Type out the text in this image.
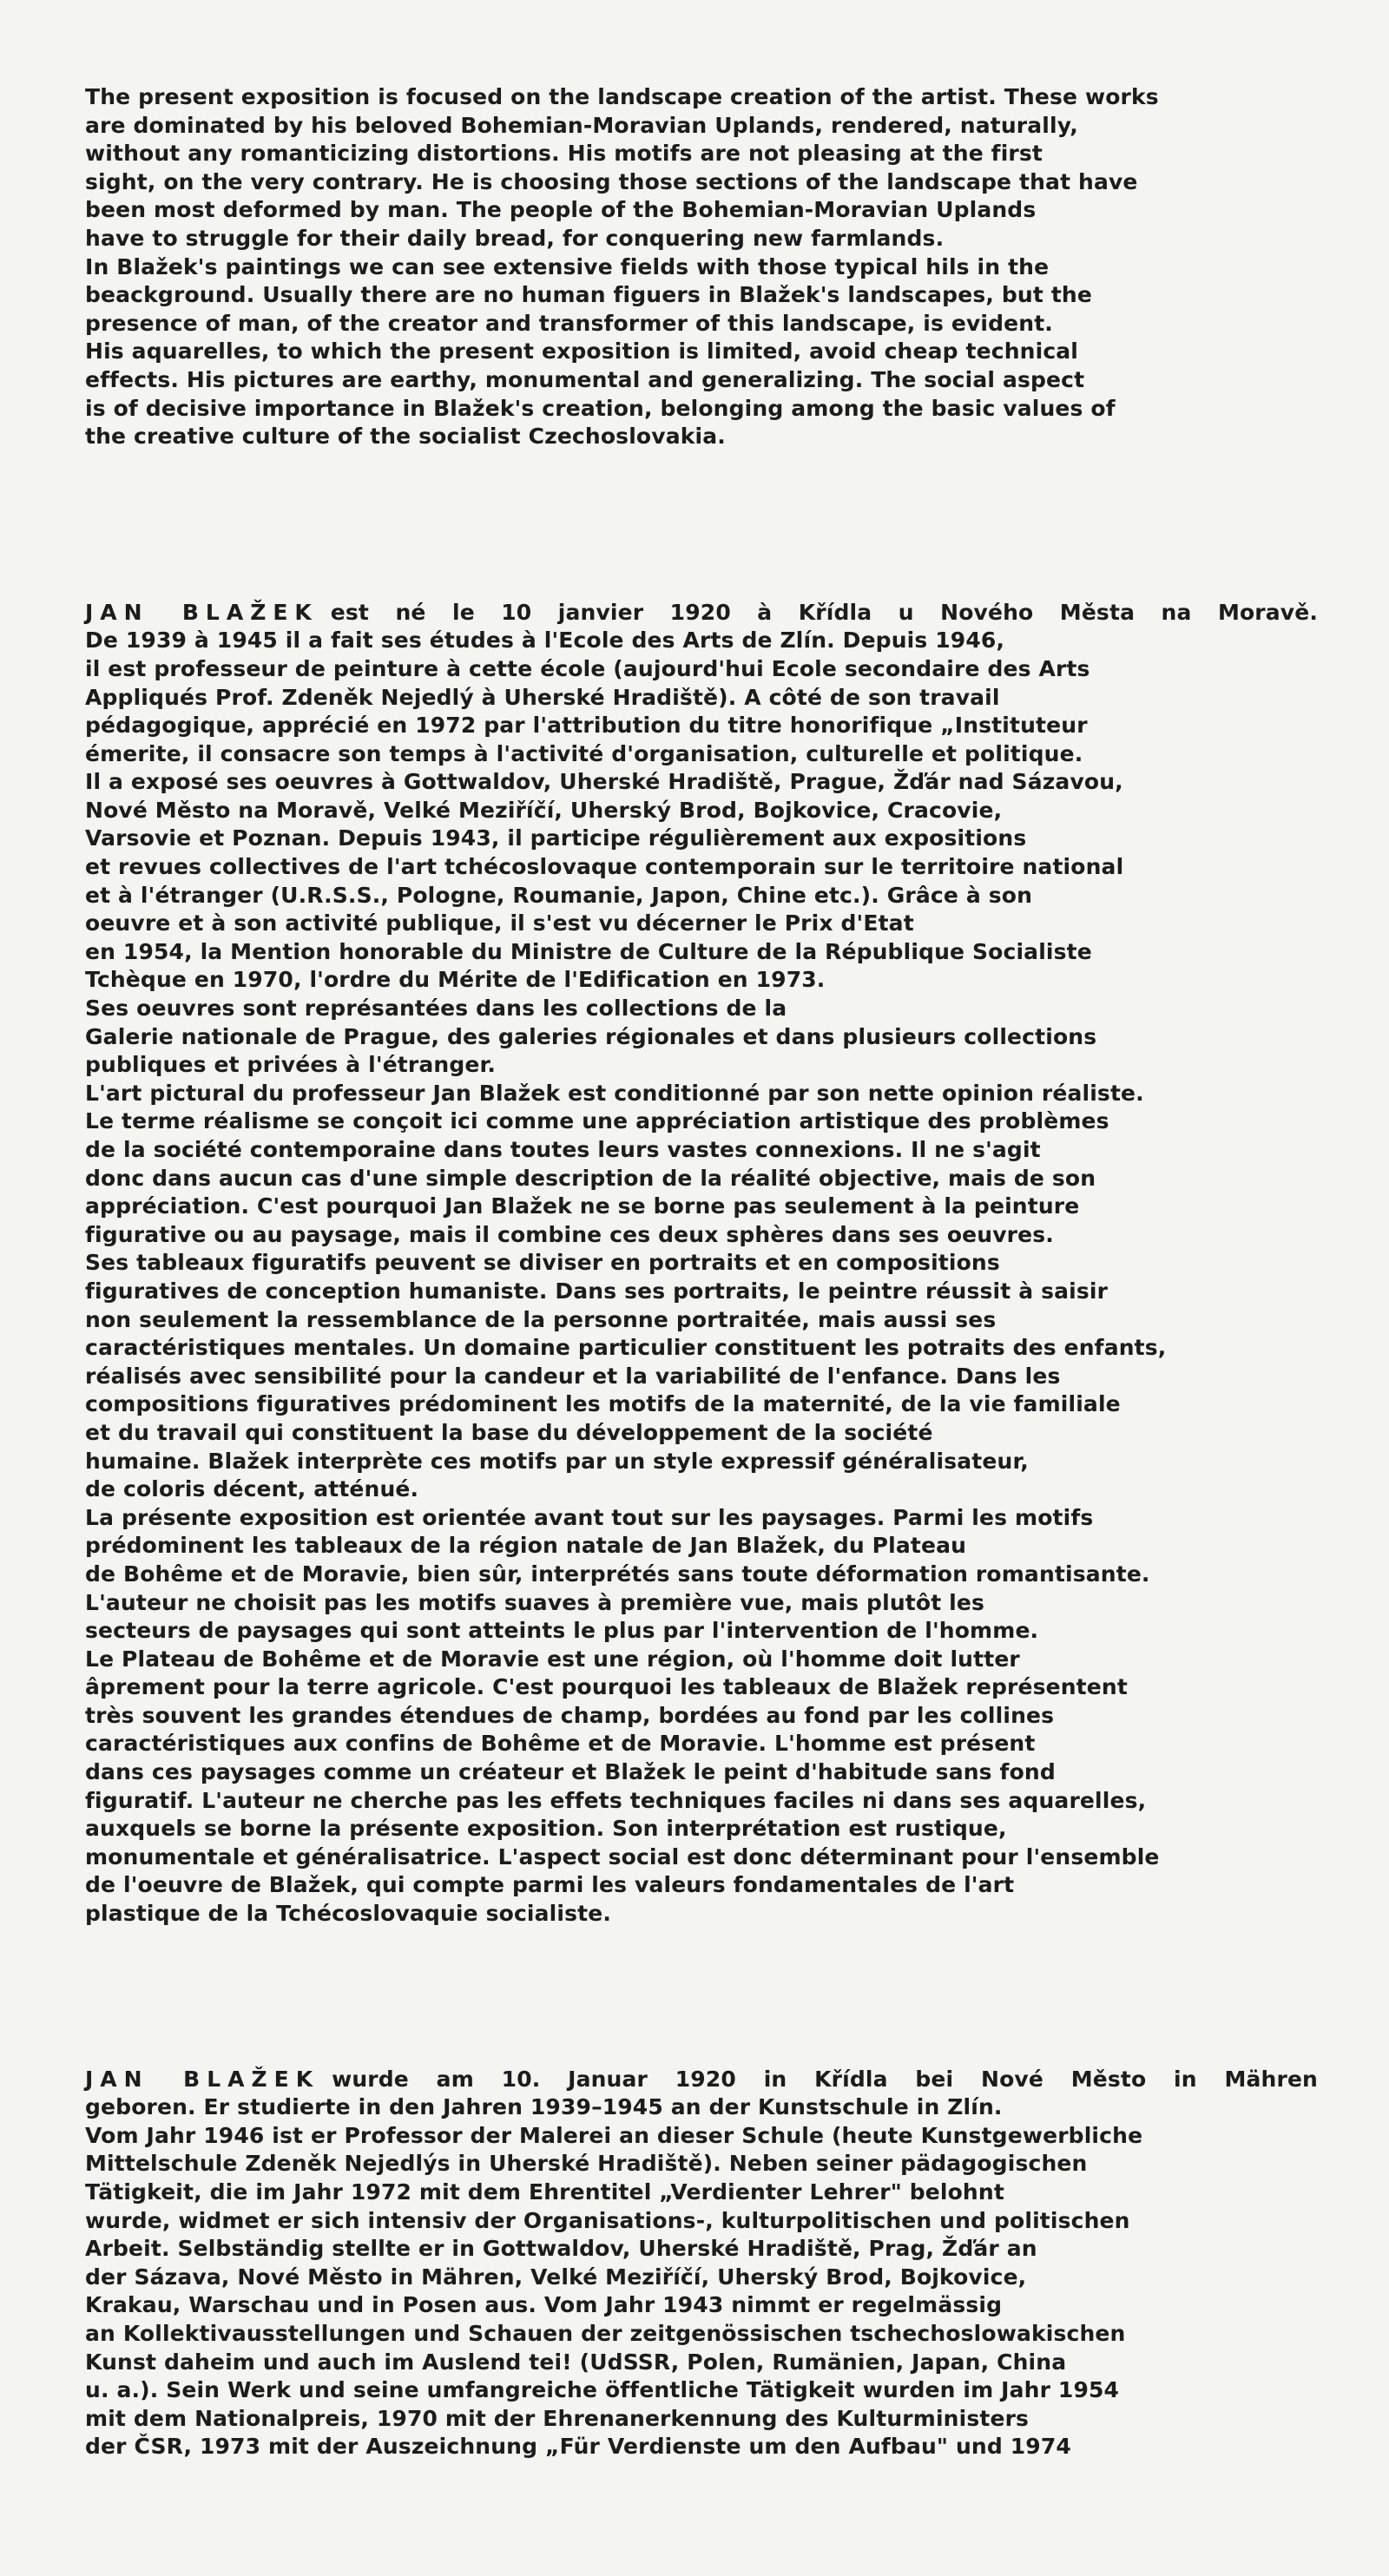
The present exposition is focused on the landscape creation of the artist. These works
are dominated by his beloved Bohemian-Moravian Uplands, rendered, naturally,
without any romanticizing distortions. His motifs are not pleasing at the first
sight, on the very contrary. He is choosing those sections of the landscape that have
been most deformed by man. The people of the Bohemian-Moravian Uplands
have to struggle for their daily bread, for conquering new farmlands.
In Blažek's paintings we can see extensive fields with those typical hils in the
beackground. Usually there are no human figuers in Blažek's landscapes, but the
presence of man, of the creator and transformer of this landscape, is evident.
His aquarelles, to which the present exposition is limited, avoid cheap technical
effects. His pictures are earthy, monumental and generalizing. The social aspect
is of decisive importance in Blažek's creation, belonging among the basic values of
the creative culture of the socialist Czechoslovakia.
JAN BLAŽEK est né le 10 janvier 1920 à Křídla u Nového Města na Moravě.
De 1939 à 1945 il a fait ses études à l'Ecole des Arts de Zlín. Depuis 1946,
il est professeur de peinture à cette école (aujourd'hui Ecole secondaire des Arts
Appliqués Prof. Zdeněk Nejedlý à Uherské Hradiště). A côté de son travail
pédagogique, apprécié en 1972 par l'attribution du titre honorifique „Instituteur
émerite, il consacre son temps à l'activité d'organisation, culturelle et politique.
Il a exposé ses oeuvres à Gottwaldov, Uherské Hradiště, Prague, Žďár nad Sázavou,
Nové Město na Moravě, Velké Meziříčí, Uherský Brod, Bojkovice, Cracovie,
Varsovie et Poznan. Depuis 1943, il participe régulièrement aux expositions
et revues collectives de l'art tchécoslovaque contemporain sur le territoire national
et à l'étranger (U.R.S.S., Pologne, Roumanie, Japon, Chine etc.). Grâce à son
oeuvre et à son activité publique, il s'est vu décerner le Prix d'Etat
en 1954, la Mention honorable du Ministre de Culture de la République Socialiste
Tchèque en 1970, l'ordre du Mérite de l'Edification en 1973.
Ses oeuvres sont représantées dans les collections de la
Galerie nationale de Prague, des galeries régionales et dans plusieurs collections
publiques et privées à l'étranger.
L'art pictural du professeur Jan Blažek est conditionné par son nette opinion réaliste.
Le terme réalisme se conçoit ici comme une appréciation artistique des problèmes
de la société contemporaine dans toutes leurs vastes connexions. Il ne s'agit
donc dans aucun cas d'une simple description de la réalité objective, mais de son
appréciation. C'est pourquoi Jan Blažek ne se borne pas seulement à la peinture
figurative ou au paysage, mais il combine ces deux sphères dans ses oeuvres.
Ses tableaux figuratifs peuvent se diviser en portraits et en compositions
figuratives de conception humaniste. Dans ses portraits, le peintre réussit à saisir
non seulement la ressemblance de la personne portraitée, mais aussi ses
caractéristiques mentales. Un domaine particulier constituent les potraits des enfants,
réalisés avec sensibilité pour la candeur et la variabilité de l'enfance. Dans les
compositions figuratives prédominent les motifs de la maternité, de la vie familiale
et du travail qui constituent la base du développement de la société
humaine. Blažek interprète ces motifs par un style expressif généralisateur,
de coloris décent, atténué.
La présente exposition est orientée avant tout sur les paysages. Parmi les motifs
prédominent les tableaux de la région natale de Jan Blažek, du Plateau
de Bohême et de Moravie, bien sûr, interprétés sans toute déformation romantisante.
L'auteur ne choisit pas les motifs suaves à première vue, mais plutôt les
secteurs de paysages qui sont atteints le plus par l'intervention de l'homme.
Le Plateau de Bohême et de Moravie est une région, où l'homme doit lutter
âprement pour la terre agricole. C'est pourquoi les tableaux de Blažek représentent
très souvent les grandes étendues de champ, bordées au fond par les collines
caractéristiques aux confins de Bohême et de Moravie. L'homme est présent
dans ces paysages comme un créateur et Blažek le peint d'habitude sans fond
figuratif. L'auteur ne cherche pas les effets techniques faciles ni dans ses aquarelles,
auxquels se borne la présente exposition. Son interprétation est rustique,
monumentale et généralisatrice. L'aspect social est donc déterminant pour l'ensemble
de l'oeuvre de Blažek, qui compte parmi les valeurs fondamentales de l'art
plastique de la Tchécoslovaquie socialiste.
JAN BLAŽEK wurde am 10. Januar 1920 in Křídla bei Nové Město in Mähren
geboren. Er studierte in den Jahren 1939–1945 an der Kunstschule in Zlín.
Vom Jahr 1946 ist er Professor der Malerei an dieser Schule (heute Kunstgewerbliche
Mittelschule Zdeněk Nejedlýs in Uherské Hradiště). Neben seiner pädagogischen
Tätigkeit, die im Jahr 1972 mit dem Ehrentitel „Verdienter Lehrer" belohnt
wurde, widmet er sich intensiv der Organisations-, kulturpolitischen und politischen
Arbeit. Selbständig stellte er in Gottwaldov, Uherské Hradiště, Prag, Žďár an
der Sázava, Nové Město in Mähren, Velké Meziříčí, Uherský Brod, Bojkovice,
Krakau, Warschau und in Posen aus. Vom Jahr 1943 nimmt er regelmässig
an Kollektivausstellungen und Schauen der zeitgenössischen tschechoslowakischen
Kunst daheim und auch im Auslend tei! (UdSSR, Polen, Rumänien, Japan, China
u. a.). Sein Werk und seine umfangreiche öffentliche Tätigkeit wurden im Jahr 1954
mit dem Nationalpreis, 1970 mit der Ehrenanerkennung des Kulturministers
der ČSR, 1973 mit der Auszeichnung „Für Verdienste um den Aufbau" und 1974
